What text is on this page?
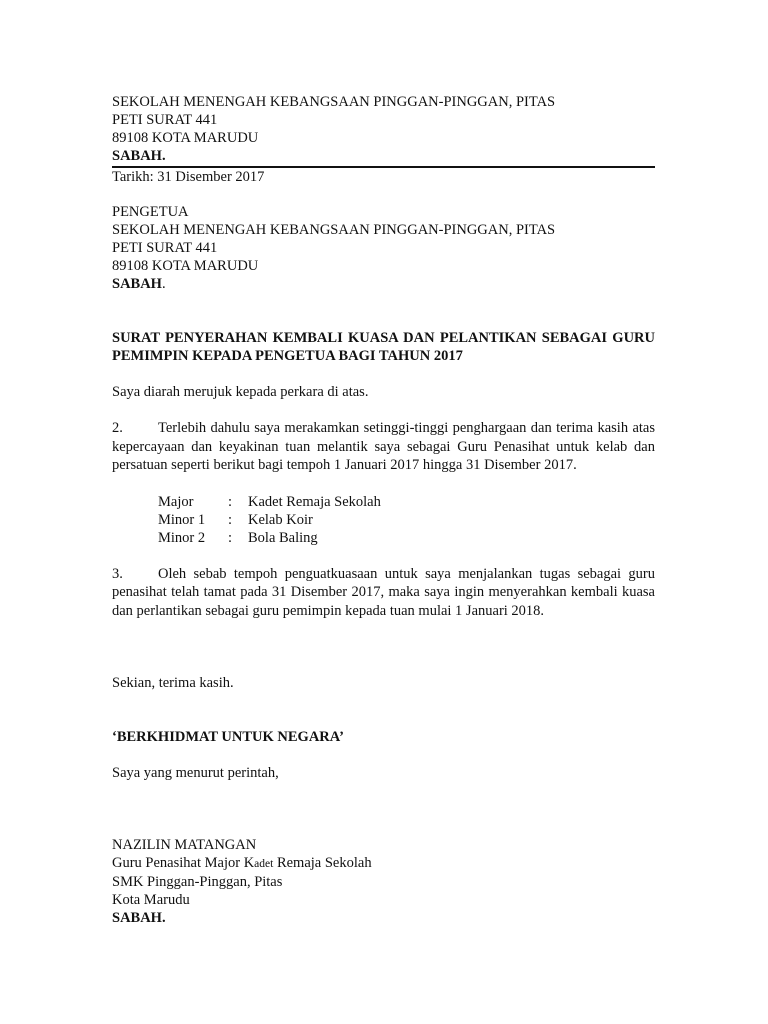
SEKOLAH MENENGAH KEBANGSAAN PINGGAN-PINGGAN, PITAS
PETI SURAT 441
89108 KOTA MARUDU
SABAH.
Tarikh: 31 Disember 2017
PENGETUA
SEKOLAH MENENGAH KEBANGSAAN PINGGAN-PINGGAN, PITAS
PETI SURAT 441
89108 KOTA MARUDU
SABAH.
SURAT PENYERAHAN KEMBALI KUASA DAN PELANTIKAN SEBAGAI GURU PEMIMPIN KEPADA PENGETUA BAGI TAHUN 2017
Saya diarah merujuk kepada perkara di atas.
2. Terlebih dahulu saya merakamkan setinggi-tinggi penghargaan dan terima kasih atas kepercayaan dan keyakinan tuan melantik saya sebagai Guru Penasihat untuk kelab dan persatuan seperti berikut bagi tempoh 1 Januari 2017 hingga 31 Disember 2017.
Major	:	Kadet Remaja Sekolah
Minor 1	:	Kelab Koir
Minor 2	:	Bola Baling
3. Oleh sebab tempoh penguatkuasaan untuk saya menjalankan tugas sebagai guru penasihat telah tamat pada 31 Disember 2017, maka saya ingin menyerahkan kembali kuasa dan perlantikan sebagai guru pemimpin kepada tuan mulai 1 Januari 2018.
Sekian, terima kasih.
‘BERKHIDMAT UNTUK NEGARA’
Saya yang menurut perintah,
NAZILIN MATANGAN
Guru Penasihat Major Kadet Remaja Sekolah
SMK Pinggan-Pinggan, Pitas
Kota Marudu
SABAH.
